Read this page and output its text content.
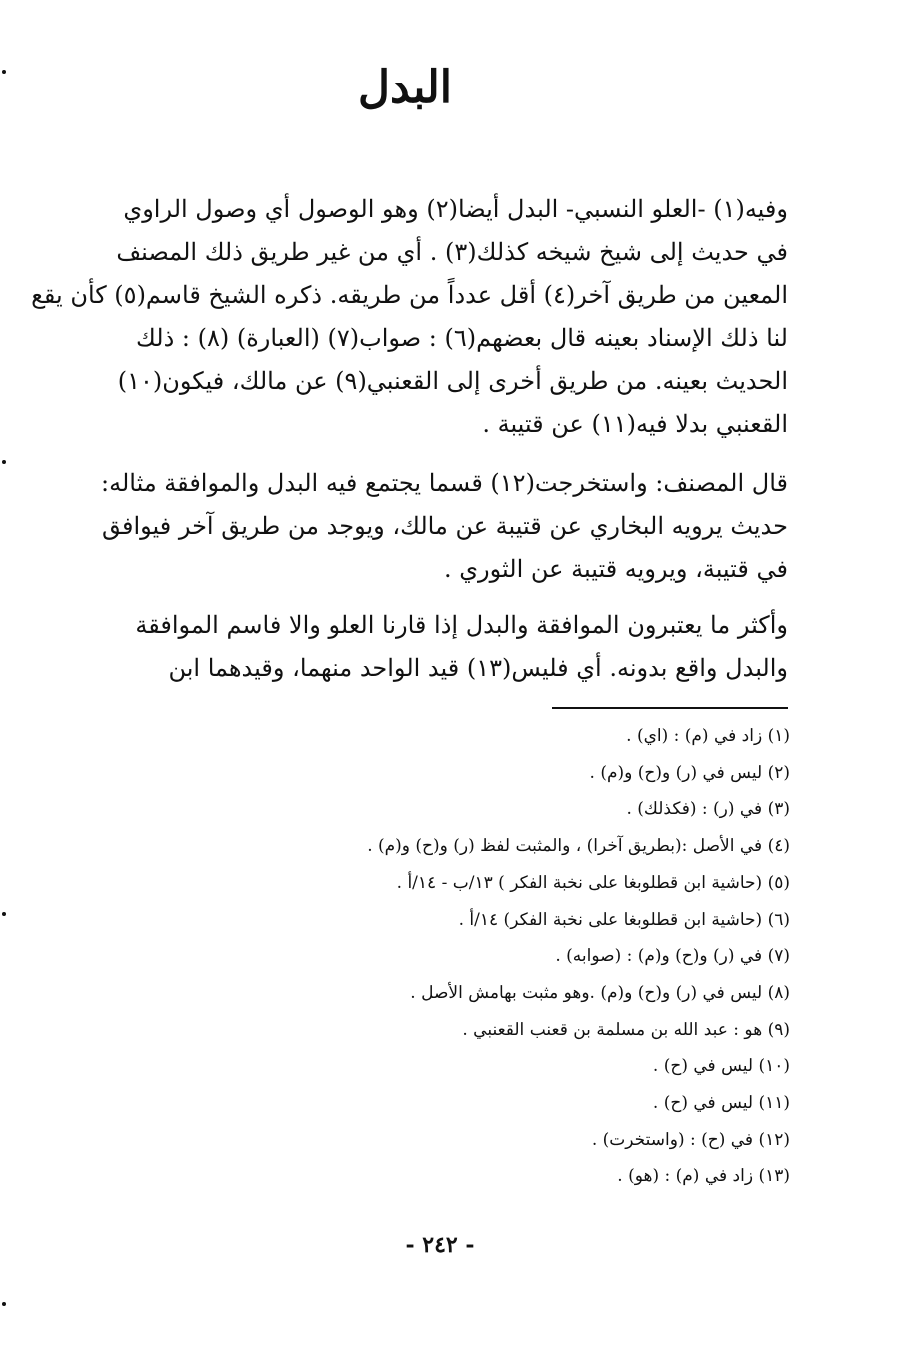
البدل
وفيه(١) -العلو النسبي- البدل أيضا(٢) وهو الوصول أي وصول الراوي
في حديث إلى شيخ شيخه كذلك(٣) . أي من غير طريق ذلك المصنف
المعين من طريق آخر(٤) أقل عدداً من طريقه. ذكره الشيخ قاسم(٥) كأن يقع
لنا ذلك الإسناد بعينه قال بعضهم(٦) : صواب(٧) (العبارة) (٨) : ذلك
الحديث بعينه. من طريق أخرى إلى القعنبي(٩) عن مالك، فيكون(١٠)
القعنبي بدلا فيه(١١) عن قتيبة .
قال المصنف: واستخرجت(١٢) قسما يجتمع فيه البدل والموافقة مثاله:
حديث يرويه البخاري عن قتيبة عن مالك، ويوجد من طريق آخر فيوافق
في قتيبة، ويرويه قتيبة عن الثوري .
وأكثر ما يعتبرون الموافقة والبدل إذا قارنا العلو والا فاسم الموافقة
والبدل واقع بدونه. أي فليس(١٣) قيد الواحد منهما، وقيدهما ابن
(١) زاد في (م) : (اي) .
(٢) ليس في (ر) و(ح) و(م) .
(٣) في (ر) : (فكذلك) .
(٤) في الأصل :(بطريق آخرا) ، والمثبت لفظ (ر) و(ح) و(م) .
(٥) (حاشية ابن قطلوبغا على نخبة الفكر ) ١٣/ب - ١٤/أ .
(٦) (حاشية ابن قطلوبغا على نخبة الفكر) ١٤/أ .
(٧) في (ر) و(ح) و(م) : (صوابه) .
(٨) ليس في (ر) و(ح) و(م) .وهو مثبت بهامش الأصل .
(٩) هو : عبد الله بن مسلمة بن قعنب القعنبي .
(١٠) ليس في (ح) .
(١١) ليس في (ح) .
(١٢) في (ح) : (واستخرت) .
(١٣) زاد في (م) : (هو) .
- ٢٤٢ -
